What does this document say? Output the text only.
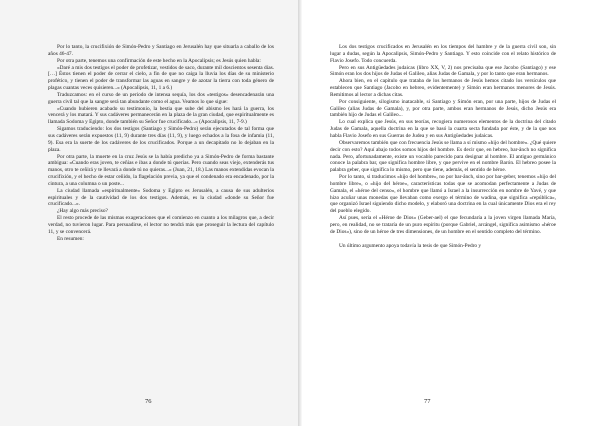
Por lo tanto, la crucifixión de Simón-Pedro y Santiago en Jerusalén hay que situarla a caballo de los años 46-47.

Por otra parte, tenemos una confirmación de este hecho en la Apocalipsis; es Jesús quien habla:

«Daré a mis dos testigos el poder de profetizar, vestidos de saco, durante mil doscientos sesenta días. […] Éstos tienen el poder de cerrar el cielo, a fin de que no caiga la lluvia los días de su ministerio profético, y tienen el poder de transformar las aguas en sangre y de azotar la tierra con toda género de plagas cuantas veces quisieren...» (Apocalipsis, 11, 1 a 6.)

Traduzcamos: en el curso de un periodo de intensa sequía, los dos «testigos» desencadenarán una guerra civil tal que la sangre será tan abundante como el agua. Veamos lo que sigue:

«Cuando hubieren acabado su testimonio, la bestia que sube del abismo les hará la guerra, los vencerá y los matará. Y sus cadáveres permanecerán en la plaza de la gran ciudad, que espiritualmente es llamada Sodoma y Egipto, donde también su Señor fue crucificado...» (Apocalipsis, 11, 7-9.)

Sigamos traduciendo: los dos testigos (Santiago y Simón-Pedro) serán ejecutados de tal forma que sus cadáveres serán expuestos (11, 9) durante tres días (11, 9), y luego echados a la fosa de infamia (11, 9). Esa era la suerte de los cadáveres de los crucificados. Porque a un decapitado no lo dejaban en la plaza.

Por otra parte, la muerte en la cruz Jesús se la había predicho ya a Simón-Pedro de forma bastante ambigua: «Cuando eras joven, te ceñías e ibas a donde tú querías. Pero cuando seas viejo, extenderás tus manos, otro te ceñirá y te llevará a donde tú no quieras...» (Juan, 21, 18.) Las manos extendidas evocan la crucifixión, y el hecho de estar ceñido, la flagelación previa, ya que el condenado era encadenado, por la cintura, a una columna o un poste...

La ciudad llamada «espiritualmente» Sodoma y Egipto es Jerusalén, a causa de sus adulterios espirituales y de la cautividad de los dos testigos. Además, es la ciudad «donde su Señor fue crucificado...».

¿Hay algo más preciso?

El resto procede de las mismas exageraciones que el comienzo en cuanto a los milagros que, a decir verdad, no tuvieron lugar. Para persuadirse, el lector no tendrá más que proseguir la lectura del capítulo 11, y se convencerá.

En resumen:

76

Los dos testigos crucificados en Jerusalén en los tiempos del hambre y de la guerra civil son, sin lugar a dudas, según la Apocalipsis, Simón-Pedro y Santiago. Y esto coincide con el relato histórico de Flavio Josefo. Todo concuerda.

Pero en sus Antigüedades judaicas (libro XX, V, 2) nos precisaba que ese Jacobo (Santiago) y ese Simón eran los dos hijos de Judas el Galileo, alias Judas de Gamala, y por lo tanto que eran hermanos.

Ahora bien, en el capítulo que trataba de los hermanos de Jesús hemos citado los versículos que establecen que Santiago (Jacobo en hebreo, evidentemente) y Simón eran hermanos menores de Jesús. Remitimos al lector a dichas citas.

Por consiguiente, silogismo inatacable, si Santiago y Simón eran, por una parte, hijos de Judas el Galileo (alias Judas de Gamala), y, por otra parte, ambos eran hermanos de Jesús, dicho Jesús era también hijo de Judas el Galileo...

Lo cual explica que Jesús, en sus teorías, recogiera numerosos elementos de la doctrina del citado Judas de Gamala, aquella doctrina en la que se basó la cuarta secta fundada por éste, y de la que nos habla Flavio Josefo en sus Guerras de Judea y en sus Antigüedades judaicas.

Observaremos también que con frecuencia Jesús se llama a sí mismo «hijo del hombre». ¿Qué quiere decir con esto? Aquí abajo todos somos hijos del hombre. Es decir que, en hebreo, bar-ânch no significa nada. Pero, afortunadamente, existe un vocablo parecido para designar al hombre. El antiguo germánico conoce la palabra bar, que significa hombre libre, y que pervive en el nombre Barón. El hebreo posee la palabra geber, que significa lo mismo, pero que tiene, además, el sentido de héroe.

Por lo tanto, si traducimos «hijo del hombre», no por bar-ânch, sino por bar-geber, tenemos «hijo del hombre libre», o «hijo del héroe», características todas que se acomodan perfectamente a Judas de Gamala, el «héroe del censo», el hombre que llamó a Israel a la insurrección en nombre de Yavé, y que hizo acuñar unas monedas que llevaban como exergo el término de wadina, que significa «república», que organizó Israel siguiendo dicho modelo, y elaboró una doctrina en la cual únicamente Dios era el rey del pueblo elegido.

Así pues, sería el «Héroe de Dios» (Geber-ael) el que fecundaría a la joven virgen llamada María, pero, en realidad, no se trataría de un puro espíritu (porque Gabriel, arcángel, significa asimismo «héroe de Dios»), sino de un héroe de tres dimensiones, de un hombre en el sentido completo del término.

Un último argumento apoya todavía la tesis de que Simón-Pedro y

77
